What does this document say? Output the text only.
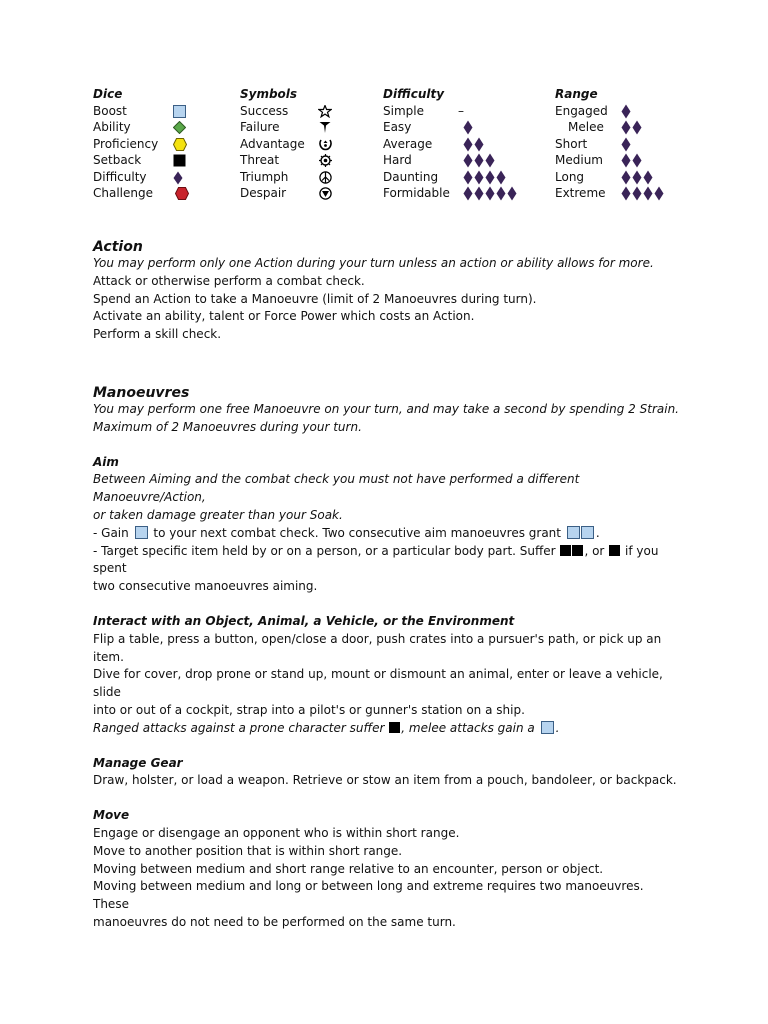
Dice
Boost
Ability
Proficiency
Setback
Difficulty
Challenge
Symbols
Success
Failure
Advantage
Threat
Triumph
Despair
Difficulty
Simple	–
Easy
Average
Hard
Daunting
Formidable
Range
Engaged
Melee
Short
Medium
Long
Extreme
Action

You may perform only one Action during your turn unless an action or ability allows for more.

Attack or otherwise perform a combat check.

Spend an Action to take a Manoeuvre (limit of 2 Manoeuvres during turn).

Activate an ability, talent or Force Power which costs an Action.

Perform a skill check.

Manoeuvres

You may perform one free Manoeuvre on your turn, and may take a second by spending 2 Strain.

Maximum of 2 Manoeuvres during your turn.

Aim

Between Aiming and the combat check you must not have performed a different Manoeuvre/Action,

or taken damage greater than your Soak.

- Gain to your next combat check. Two consecutive aim manoeuvres grant	.

- Target specific item held by or on a person, or a particular body part. Suffer , or if you spent

two consecutive manoeuvres aiming.

Interact with an Object, Animal, a Vehicle, or the Environment

Flip a table, press a button, open/close a door, push crates into a pursuer's path, or pick up an item.

Dive for cover, drop prone or stand up, mount or dismount an animal, enter or leave a vehicle, slide

into or out of a cockpit, strap into a pilot's or gunner's station on a ship.

Ranged attacks against a prone character suffer , melee attacks gain a .

Manage Gear

Draw, holster, or load a weapon. Retrieve or stow an item from a pouch, bandoleer, or backpack.

Move

Engage or disengage an opponent who is within short range.

Move to another position that is within short range.

Moving between medium and short range relative to an encounter, person or object.

Moving between medium and long or between long and extreme requires two manoeuvres. These

manoeuvres do not need to be performed on the same turn.
